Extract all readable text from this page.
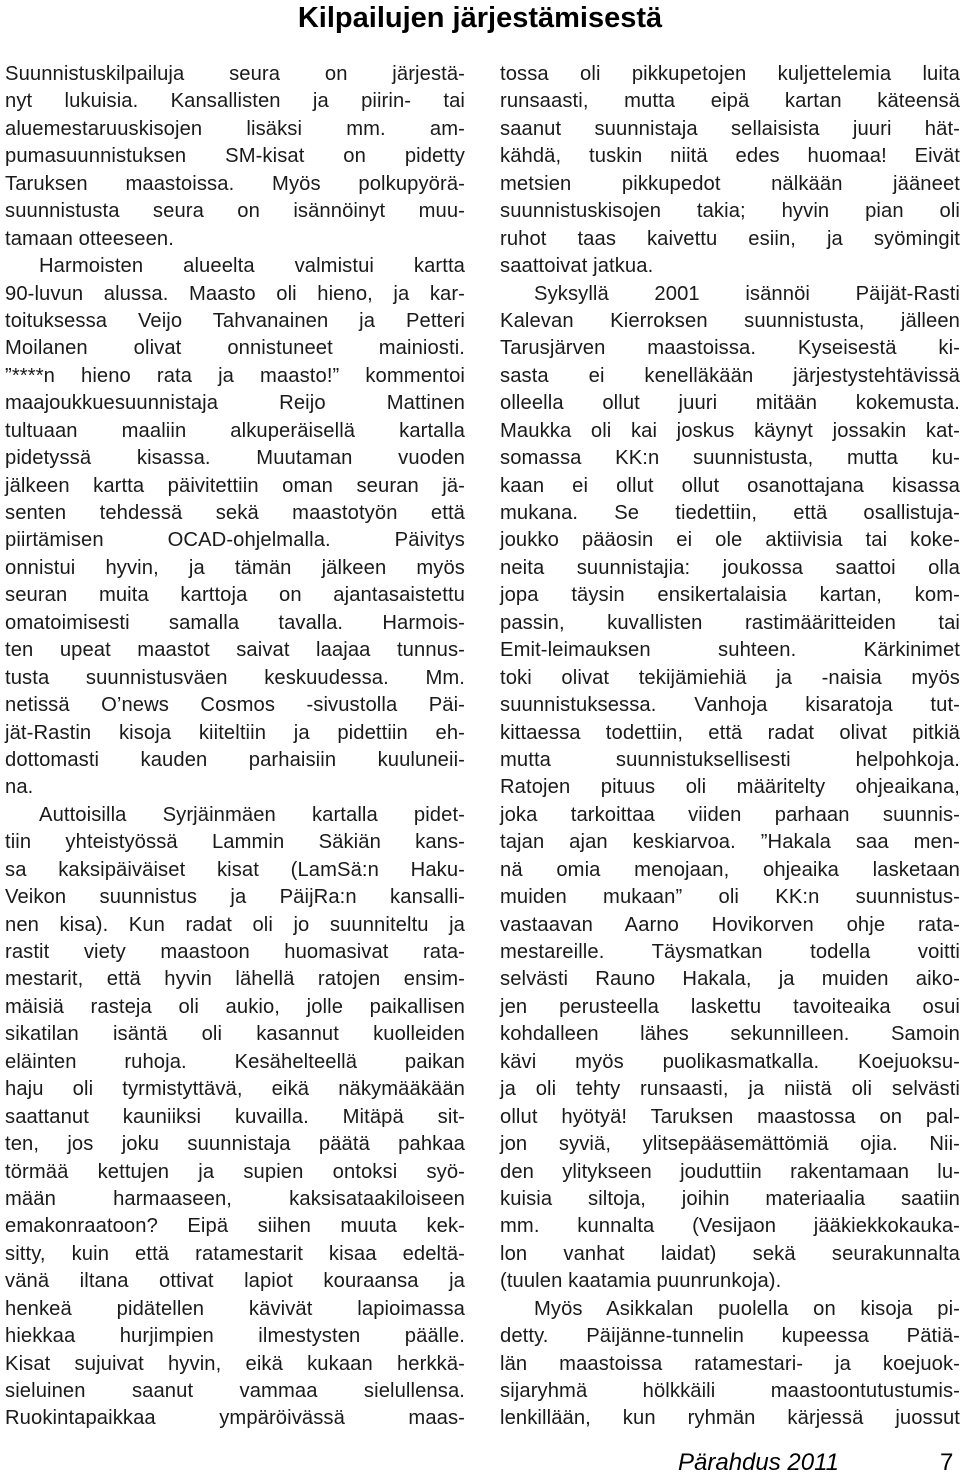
Kilpailujen järjestämisestä
Suunnistuskilpailuja seura on järjestä-
nyt lukuisia. Kansallisten ja piirin- tai
aluemestaruuskisojen lisäksi mm. am-
pumasuunnistuksen SM-kisat on pidetty
Taruksen maastoissa. Myös polkupyörä-
suunnistusta seura on isännöinyt muu-
tamaan otteeseen.
Harmoisten alueelta valmistui kartta
90-luvun alussa. Maasto oli hieno, ja kar-
toituksessa Veijo Tahvanainen ja Petteri
Moilanen olivat onnistuneet mainiosti.
”****n hieno rata ja maasto!” kommentoi
maajoukkuesuunnistaja Reijo Mattinen
tultuaan maaliin alkuperäisellä kartalla
pidetyssä kisassa. Muutaman vuoden
jälkeen kartta päivitettiin oman seuran jä-
senten tehdessä sekä maastotyön että
piirtämisen OCAD-ohjelmalla. Päivitys
onnistui hyvin, ja tämän jälkeen myös
seuran muita karttoja on ajantasaistettu
omatoimisesti samalla tavalla. Harmois-
ten upeat maastot saivat laajaa tunnus-
tusta suunnistusväen keskuudessa. Mm.
netissä O’news Cosmos -sivustolla Päi-
jät-Rastin kisoja kiiteltiin ja pidettiin eh-
dottomasti kauden parhaisiin kuuluneii-
na.
Auttoisilla Syrjäinmäen kartalla pidet-
tiin yhteistyössä Lammin Säkiän kans-
sa kaksipäiväiset kisat (LamSä:n Haku-
Veikon suunnistus ja PäijRa:n kansalli-
nen kisa). Kun radat oli jo suunniteltu ja
rastit viety maastoon huomasivat rata-
mestarit, että hyvin lähellä ratojen ensim-
mäisiä rasteja oli aukio, jolle paikallisen
sikatilan isäntä oli kasannut kuolleiden
eläinten ruhoja. Kesähelteellä paikan
haju oli tyrmistyttävä, eikä näkymääkään
saattanut kauniiksi kuvailla. Mitäpä sit-
ten, jos joku suunnistaja päätä pahkaa
törmää kettujen ja supien ontoksi syö-
mään harmaaseen, kaksisataakiloiseen
emakonraatoon? Eipä siihen muuta kek-
sitty, kuin että ratamestarit kisaa edeltä-
vänä iltana ottivat lapiot kouraansa ja
henkeä pidätellen kävivät lapioimassa
hiekkaa hurjimpien ilmestysten päälle.
Kisat sujuivat hyvin, eikä kukaan herkkä-
sieluinen saanut vammaa sielullensa.
Ruokintapaikkaa ympäröivässä maas-
tossa oli pikkupetojen kuljettelemia luita
runsaasti, mutta eipä kartan käteensä
saanut suunnistaja sellaisista juuri hät-
kähdä, tuskin niitä edes huomaa! Eivät
metsien pikkupedot nälkään jääneet
suunnistuskisojen takia; hyvin pian oli
ruhot taas kaivettu esiin, ja syömingit
saattoivat jatkua.
Syksyllä 2001 isännöi Päijät-Rasti
Kalevan Kierroksen suunnistusta, jälleen
Tarusjärven maastoissa. Kyseisestä ki-
sasta ei kenelläkään järjestystehtävissä
olleella ollut juuri mitään kokemusta.
Maukka oli kai joskus käynyt jossakin kat-
somassa KK:n suunnistusta, mutta ku-
kaan ei ollut ollut osanottajana kisassa
mukana. Se tiedettiin, että osallistuja-
joukko pääosin ei ole aktiivisia tai koke-
neita suunnistajia: joukossa saattoi olla
jopa täysin ensikertalaisia kartan, kom-
passin, kuvallisten rastimääritteiden tai
Emit-leimauksen suhteen. Kärkinimet
toki olivat tekijämiehiä ja -naisia myös
suunnistuksessa. Vanhoja kisaratoja tut-
kittaessa todettiin, että radat olivat pitkiä
mutta suunnistuksellisesti helpohkoja.
Ratojen pituus oli määritelty ohjeaikana,
joka tarkoittaa viiden parhaan suunnis-
tajan ajan keskiarvoa. ”Hakala saa men-
nä omia menojaan, ohjeaika lasketaan
muiden mukaan” oli KK:n suunnistus-
vastaavan Aarno Hovikorven ohje rata-
mestareille. Täysmatkan todella voitti
selvästi Rauno Hakala, ja muiden aiko-
jen perusteella laskettu tavoiteaika osui
kohdalleen lähes sekunnilleen. Samoin
kävi myös puolikasmatkalla. Koejuoksu-
ja oli tehty runsaasti, ja niistä oli selvästi
ollut hyötyä! Taruksen maastossa on pal-
jon syviä, ylitsepääsemättömiä ojia. Nii-
den ylitykseen jouduttiin rakentamaan lu-
kuisia siltoja, joihin materiaalia saatiin
mm. kunnalta (Vesijaon jääkiekkokauka-
lon vanhat laidat) sekä seurakunnalta
(tuulen kaatamia puunrunkoja).
Myös Asikkalan puolella on kisoja pi-
detty. Päijänne-tunnelin kupeessa Pätiä-
län maastoissa ratamestari- ja koejuok-
sijaryhmä hölkkäili maastoontutustumis-
lenkillään, kun ryhmän kärjessä juossut
Pärahdus 2011	7
